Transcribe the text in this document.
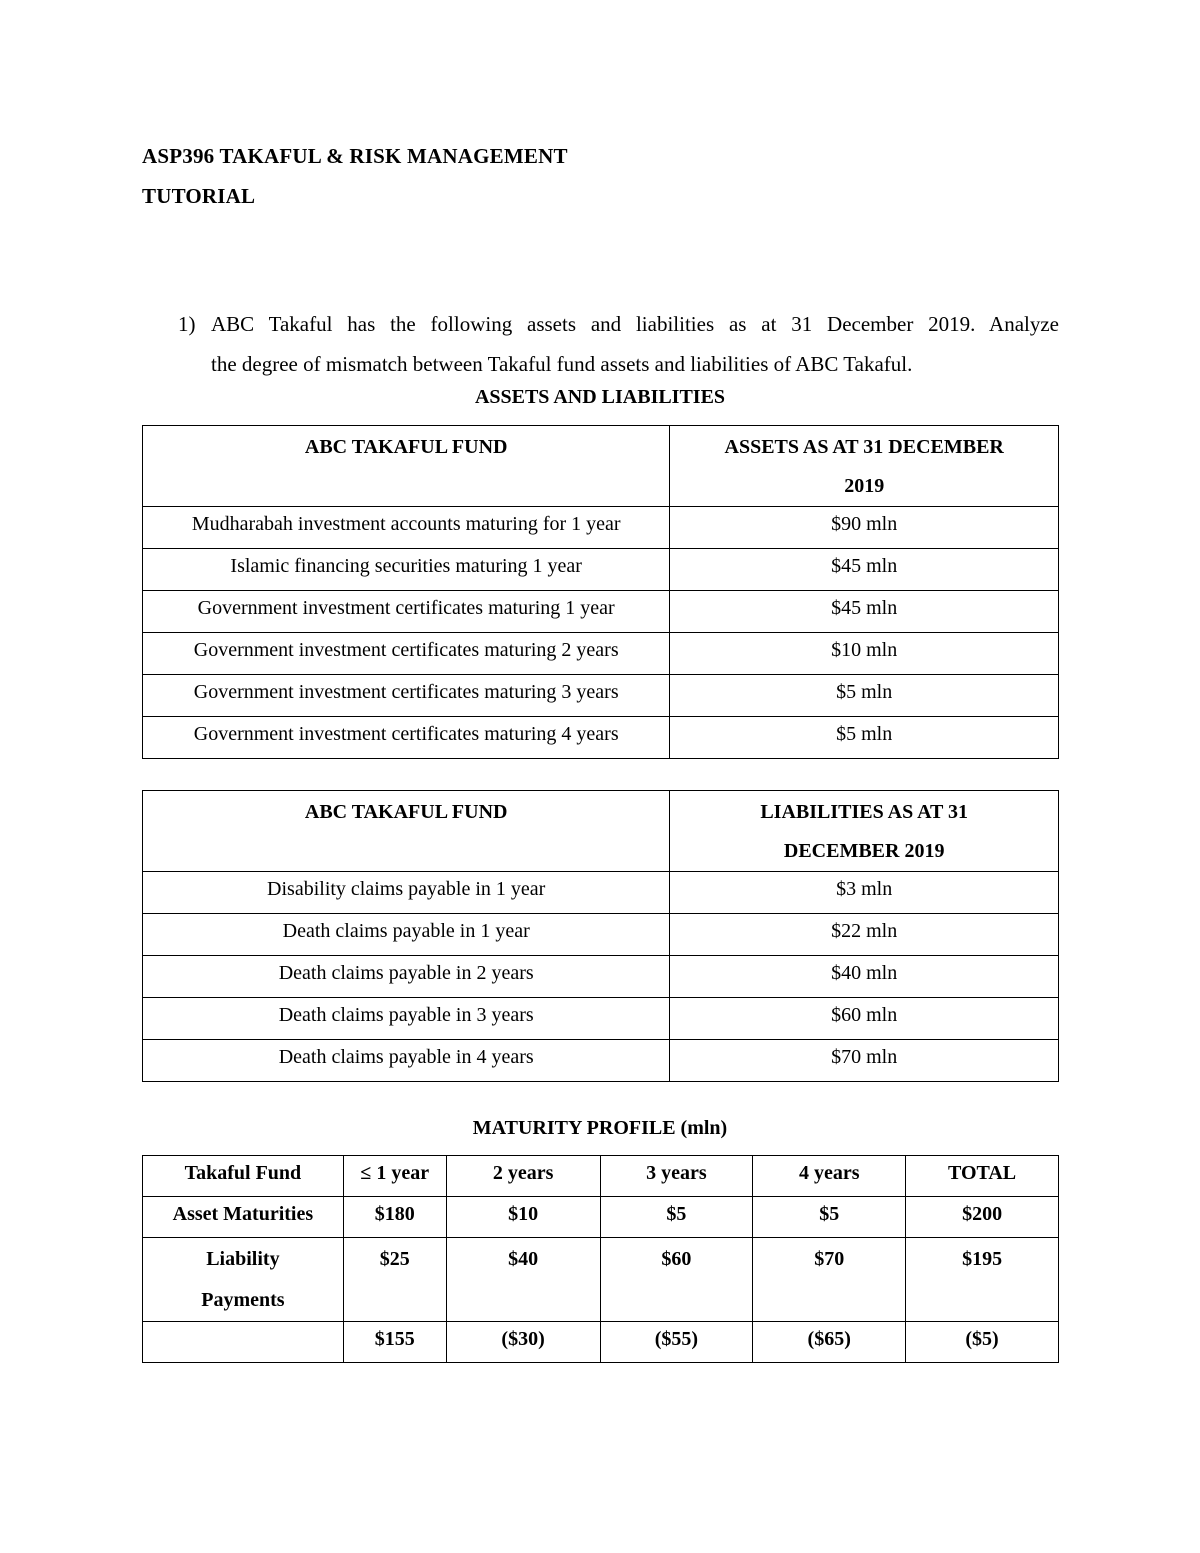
ASP396 TAKAFUL & RISK MANAGEMENT
TUTORIAL
1) ABC Takaful has the following assets and liabilities as at 31 December 2019. Analyze
the degree of mismatch between Takaful fund assets and liabilities of ABC Takaful.
ASSETS AND LIABILITIES
ABC TAKAFUL FUND	ASSETS AS AT 31 DECEMBER
2019
Mudharabah investment accounts maturing for 1 year	$90 mln
Islamic financing securities maturing 1 year	$45 mln
Government investment certificates maturing 1 year	$45 mln
Government investment certificates maturing 2 years	$10 mln
Government investment certificates maturing 3 years	$5 mln
Government investment certificates maturing 4 years	$5 mln
ABC TAKAFUL FUND	LIABILITIES AS AT 31
DECEMBER 2019
Disability claims payable in 1 year	$3 mln
Death claims payable in 1 year	$22 mln
Death claims payable in 2 years	$40 mln
Death claims payable in 3 years	$60 mln
Death claims payable in 4 years	$70 mln
MATURITY PROFILE (mln)
Takaful Fund	≤ 1 year	2 years	3 years	4 years	TOTAL
Asset Maturities	$180	$10	$5	$5	$200
Liability
Payments	$25	$40	$60	$70	$195
	$155	($30)	($55)	($65)	($5)
